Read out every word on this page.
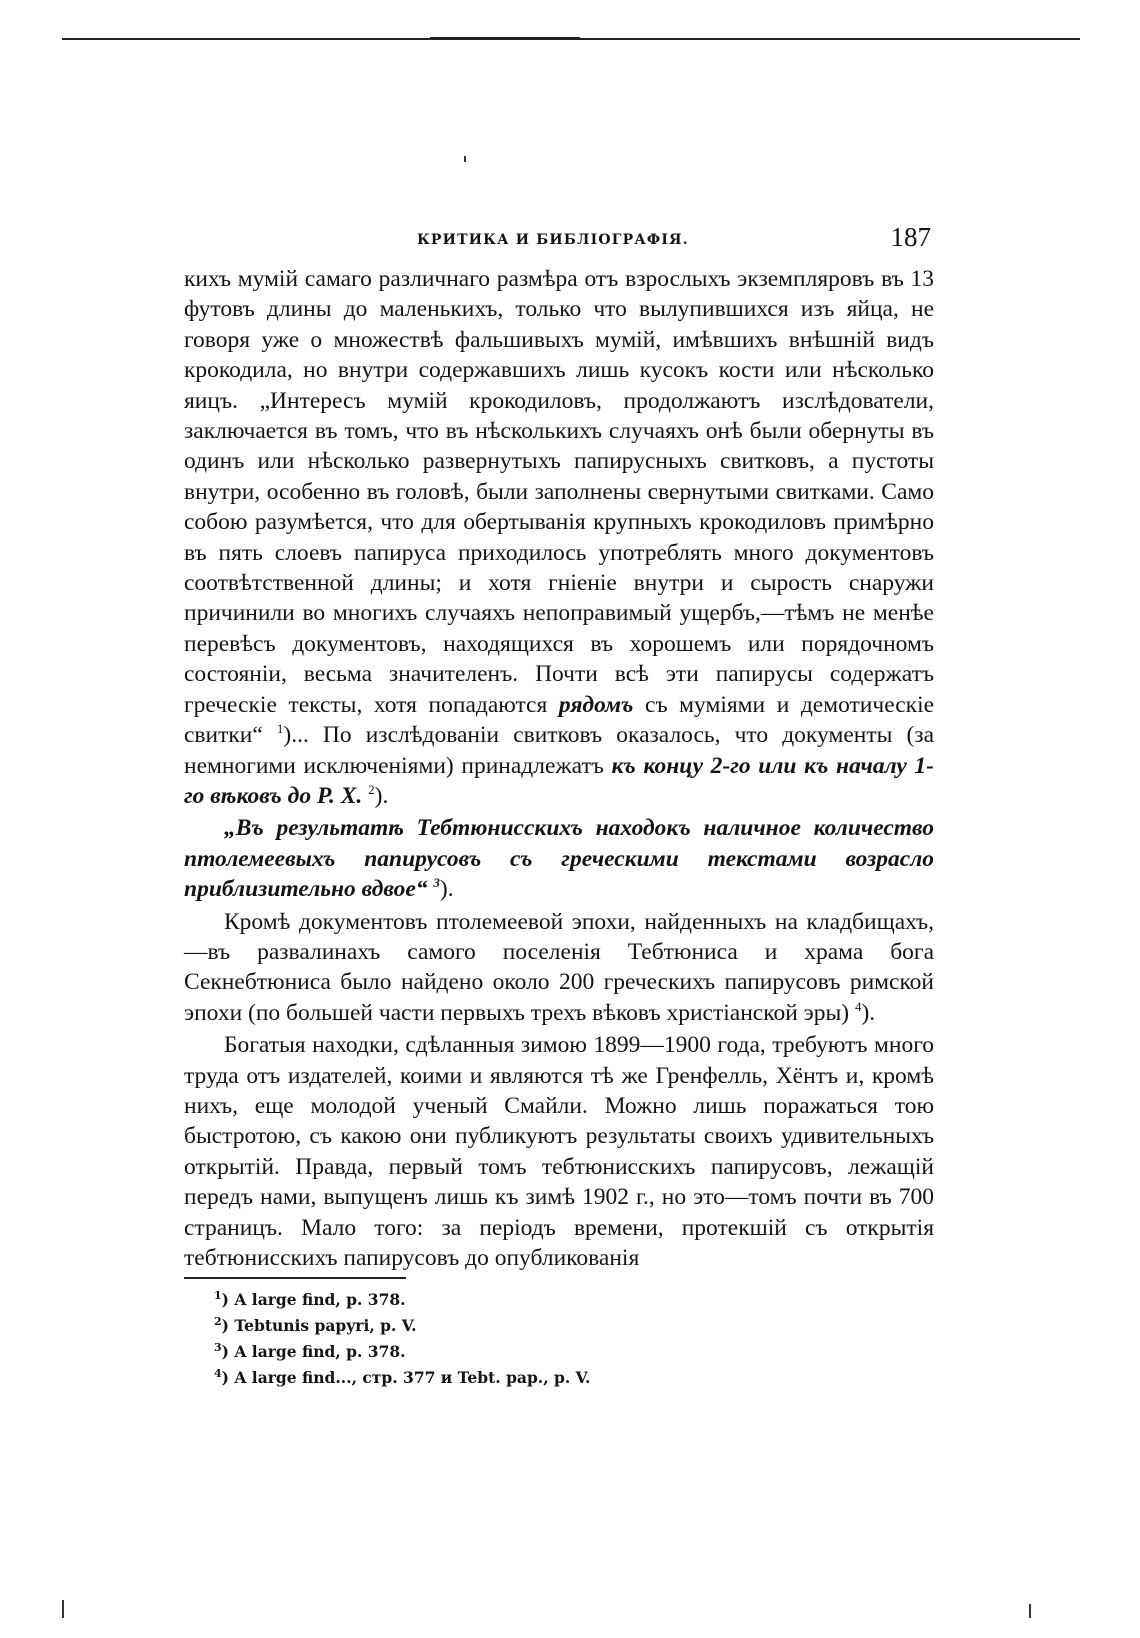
КРИТИКА И БИБЛІОГРАФІЯ.	187

кихъ мумій самаго различнаго размѣра отъ взрослыхъ экземпляровъ въ 13 футовъ длины до маленькихъ, только что вылупившихся изъ яйца, не говоря уже о множествѣ фальшивыхъ мумій, имѣвшихъ внѣшній видъ крокодила, но внутри содержавшихъ лишь кусокъ кости или нѣсколько яицъ. „Интересъ мумій крокодиловъ, продолжаютъ изслѣдователи, заключается въ томъ, что въ нѣсколькихъ случаяхъ онѣ были обернуты въ одинъ или нѣсколько развернутыхъ папирусныхъ свитковъ, а пустоты внутри, особенно въ головѣ, были заполнены свернутыми свитками. Само собою разумѣется, что для обертыванія крупныхъ крокодиловъ примѣрно въ пять слоевъ папируса приходилось употреблять много документовъ соотвѣтственной длины; и хотя гніеніе внутри и сырость снаружи причинили во многихъ случаяхъ непоправимый ущербъ,—тѣмъ не менѣе перевѣсъ документовъ, находящихся въ хорошемъ или порядочномъ состояніи, весьма значителенъ. Почти всѣ эти папирусы содержатъ греческіе тексты, хотя попадаются рядомъ съ муміями и демотическіе свитки“ $^1$)... По изслѣдованіи свитковъ оказалось, что документы (за немногими исключеніями) принадлежатъ къ концу 2-го или къ началу 1-го вѣковъ до Р. Х. $^2$).

„Въ результатѣ Тебтюнисскихъ находокъ наличное количество птолемеевыхъ папирусовъ съ греческими текстами возрасло приблизительно вдвое“ $^3$).

Кромѣ документовъ птолемеевой эпохи, найденныхъ на кладбищахъ,—въ развалинахъ самого поселенія Тебтюниса и храма бога Секнебтюниса было найдено около 200 греческихъ папирусовъ римской эпохи (по большей части первыхъ трехъ вѣковъ христіанской эры) $^4$).

Богатыя находки, сдѣланныя зимою 1899—1900 года, требуютъ много труда отъ издателей, коими и являются тѣ же Гренфелль, Хёнтъ и, кромѣ нихъ, еще молодой ученый Смайли. Можно лишь поражаться тою быстротою, съ какою они публикуютъ результаты своихъ удивительныхъ открытій. Правда, первый томъ тебтюнисскихъ папирусовъ, лежащій передъ нами, выпущенъ лишь къ зимѣ 1902 г., но это—томъ почти въ 700 страницъ. Мало того: за періодъ времени, протекшій съ открытія тебтюнисскихъ папирусовъ до опубликованія

$^1$) A large find, p. 378.
$^2$) Tebtunis papyri, p. V.
$^3$) A large find, p. 378.
$^4$) A large find..., стр. 377 и Tebt. pap., p. V.
